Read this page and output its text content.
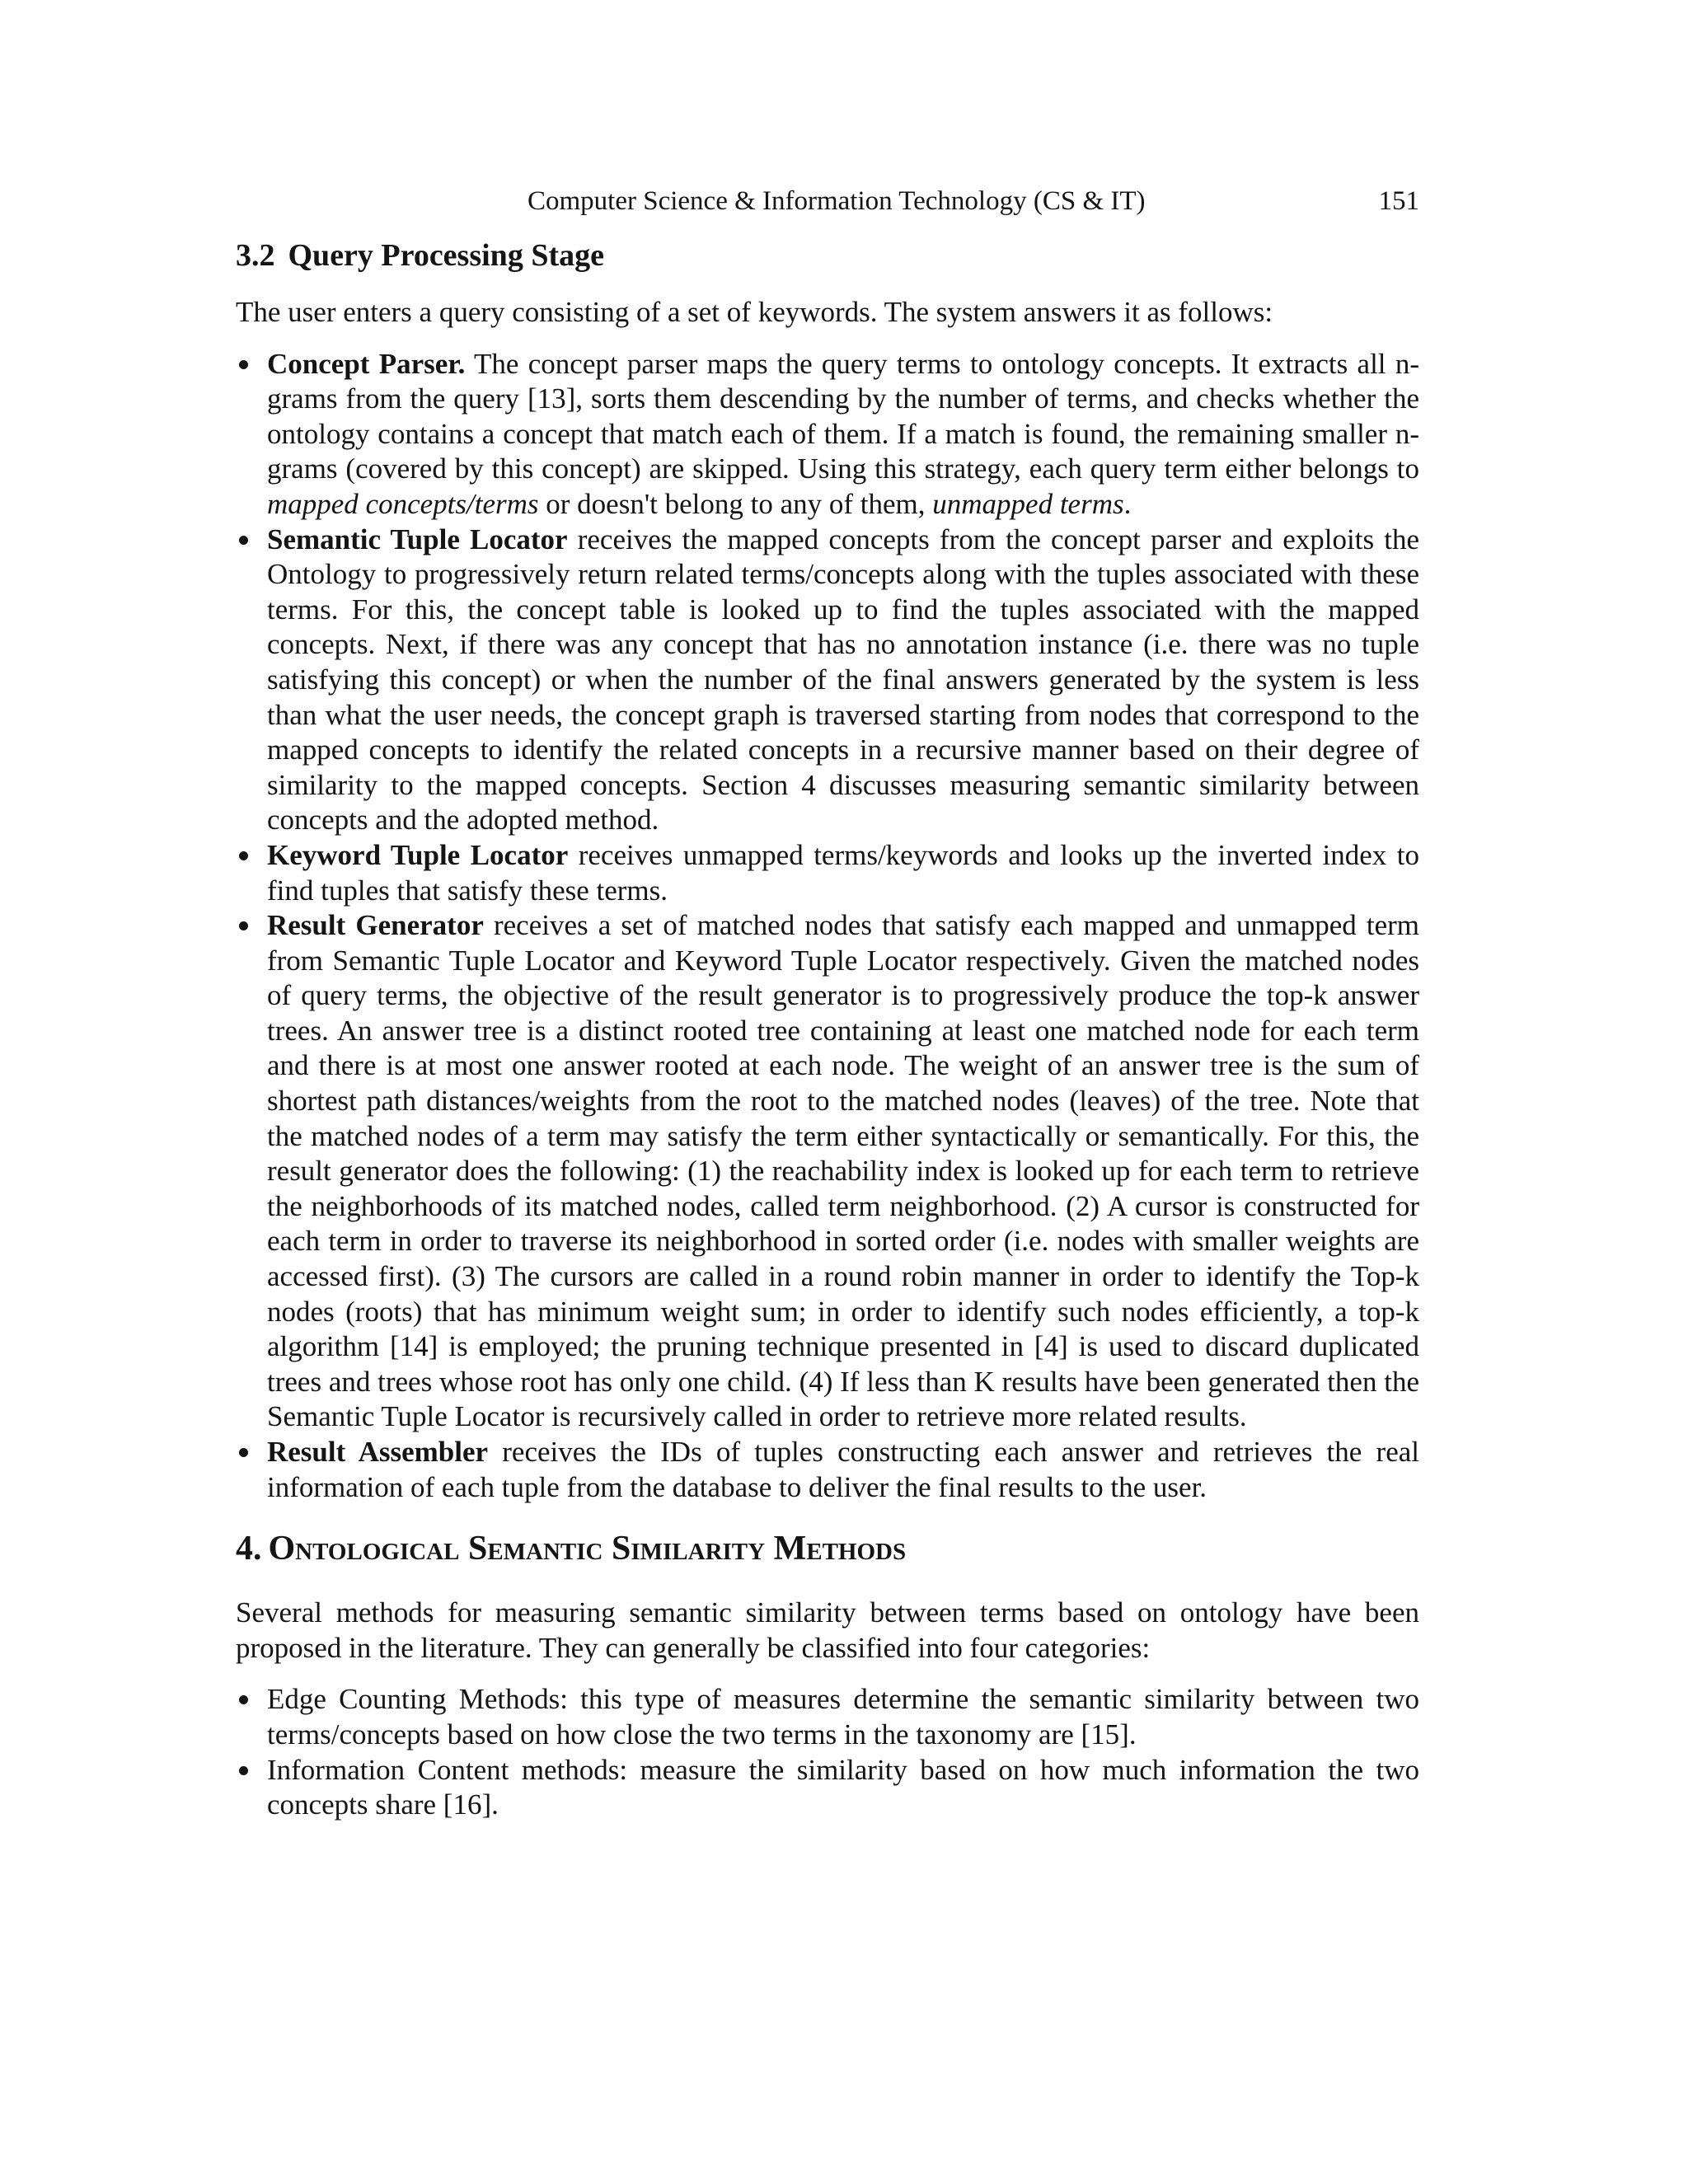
Computer Science & Information Technology (CS & IT)	151
3.2 Query Processing Stage

The user enters a query consisting of a set of keywords. The system answers it as follows:

Concept Parser. The concept parser maps the query terms to ontology concepts. It extracts all n-grams from the query [13], sorts them descending by the number of terms, and checks whether the ontology contains a concept that match each of them. If a match is found, the remaining smaller n-grams (covered by this concept) are skipped. Using this strategy, each query term either belongs to mapped concepts/terms or doesn't belong to any of them, unmapped terms.
Semantic Tuple Locator receives the mapped concepts from the concept parser and exploits the Ontology to progressively return related terms/concepts along with the tuples associated with these terms. For this, the concept table is looked up to find the tuples associated with the mapped concepts. Next, if there was any concept that has no annotation instance (i.e. there was no tuple satisfying this concept) or when the number of the final answers generated by the system is less than what the user needs, the concept graph is traversed starting from nodes that correspond to the mapped concepts to identify the related concepts in a recursive manner based on their degree of similarity to the mapped concepts. Section 4 discusses measuring semantic similarity between concepts and the adopted method.
Keyword Tuple Locator receives unmapped terms/keywords and looks up the inverted index to find tuples that satisfy these terms.
Result Generator receives a set of matched nodes that satisfy each mapped and unmapped term from Semantic Tuple Locator and Keyword Tuple Locator respectively. Given the matched nodes of query terms, the objective of the result generator is to progressively produce the top-k answer trees. An answer tree is a distinct rooted tree containing at least one matched node for each term and there is at most one answer rooted at each node. The weight of an answer tree is the sum of shortest path distances/weights from the root to the matched nodes (leaves) of the tree. Note that the matched nodes of a term may satisfy the term either syntactically or semantically. For this, the result generator does the following: (1) the reachability index is looked up for each term to retrieve the neighborhoods of its matched nodes, called term neighborhood. (2) A cursor is constructed for each term in order to traverse its neighborhood in sorted order (i.e. nodes with smaller weights are accessed first). (3) The cursors are called in a round robin manner in order to identify the Top-k nodes (roots) that has minimum weight sum; in order to identify such nodes efficiently, a top-k algorithm [14] is employed; the pruning technique presented in [4] is used to discard duplicated trees and trees whose root has only one child. (4) If less than K results have been generated then the Semantic Tuple Locator is recursively called in order to retrieve more related results.
Result Assembler receives the IDs of tuples constructing each answer and retrieves the real information of each tuple from the database to deliver the final results to the user.
4. Ontological Semantic Similarity Methods

Several methods for measuring semantic similarity between terms based on ontology have been proposed in the literature. They can generally be classified into four categories:

Edge Counting Methods: this type of measures determine the semantic similarity between two terms/concepts based on how close the two terms in the taxonomy are [15].
Information Content methods: measure the similarity based on how much information the two concepts share [16].
